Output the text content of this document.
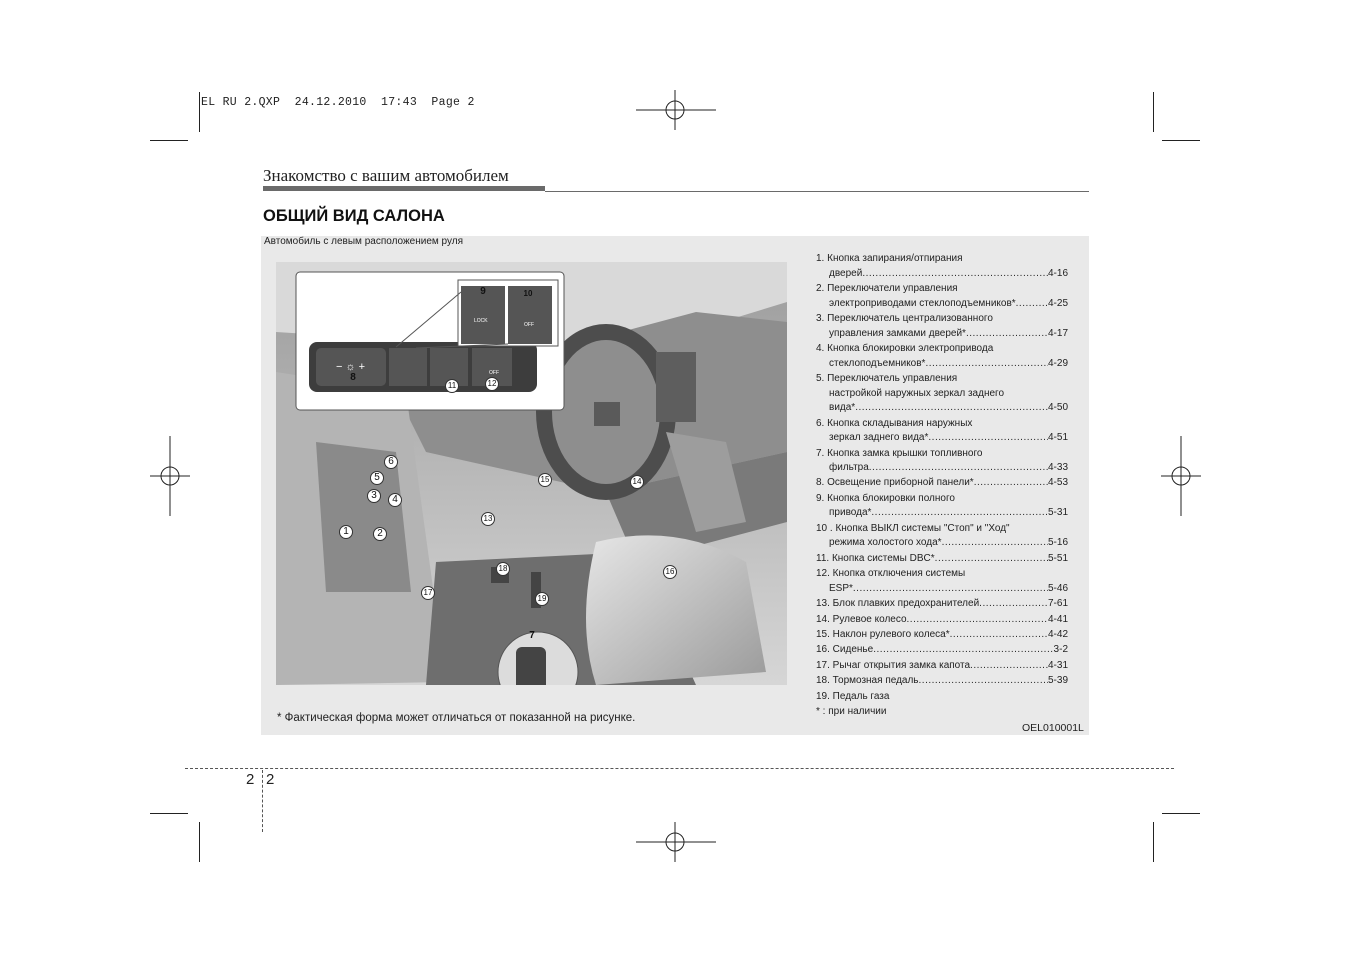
EL RU 2.QXP  24.12.2010  17:43  Page 2
Знакомство с вашим автомобилем
ОБЩИЙ ВИД САЛОНА
Автомобиль с левым расположением руля
− ☼ +
LOCK
OFF
OFF
1	2
3	4
5
6
7
8
9	10
11	12
13
14
15
16
17
18
19
* Фактическая форма может отличаться от показанной на рисунке.
OEL010001L
1. Кнопка запирания/отпирания
дверей .....	4-16
2. Переключатели управления
электроприводами стеклоподъемников* .....	4-25
3. Переключатель централизованного
управления замками дверей* .....	4-17
4. Кнопка блокировки электропривода
стеклоподъемников* .....	4-29
5. Переключатель управления
настройкой наружных зеркал заднего
вида* .....	4-50
6. Кнопка складывания наружных
зеркал заднего вида* .....	4-51
7. Кнопка замка крышки топливного
фильтра .....	4-33
8. Освещение приборной панели* .....	4-53
9. Кнопка блокировки полного
привода* .....	5-31
10 . Кнопка ВЫКЛ системы "Стоп" и "Ход"
режима холостого хода* .....	5-16
11. Кнопка системы DBC* .....	5-51
12. Кнопка отключения системы
ESP* .....	5-46
13. Блок плавких предохранителей .....	7-61
14. Рулевое колесо .....	4-41
15. Наклон рулевого колеса* .....	4-42
16. Сиденье .....	3-2
17. Рычаг открытия замка капота .....	4-31
18. Тормозная педаль .....	5-39
19. Педаль газа
* : при наличии
2 2
